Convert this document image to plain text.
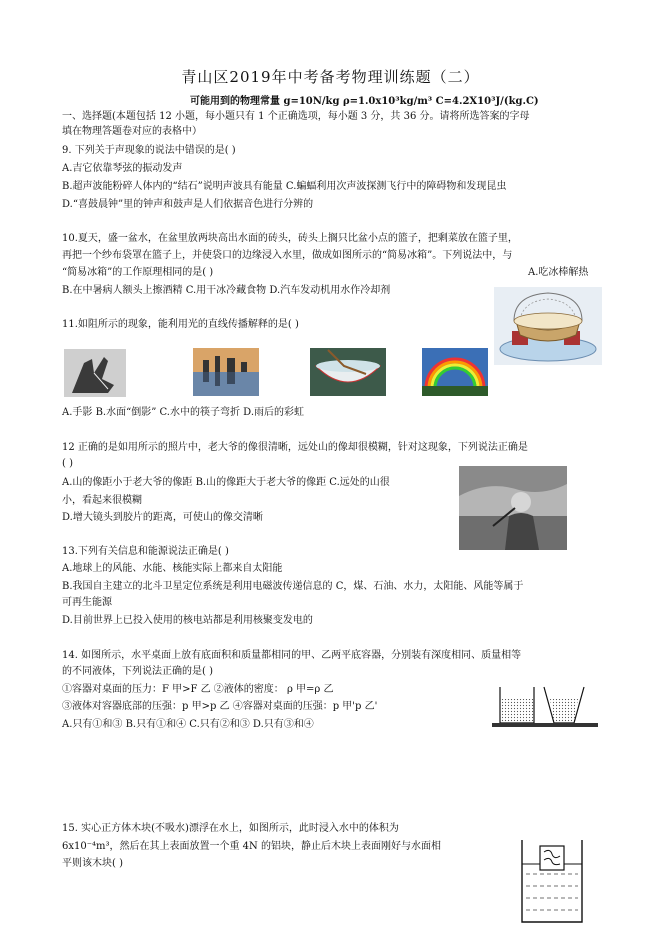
青山区2019年中考备考物理训练题（二）
可能用到的物理常量 g=10N/kg ρ=1.0x10³kg/m³ C=4.2X10³J/(kg.C)
一、选择题(本题包括 12 小题，每小题只有 1 个正确选项，每小题 3 分，共 36 分。请将所选答案的字母
填在物理答题卷对应的表格中）
9. 下列关于声现象的说法中错误的是( )
A.吉它依靠琴弦的振动发声
B.超声波能粉碎人体内的“结石”说明声波具有能量 C.蝙蝠利用次声波探测飞行中的障碍物和发现昆虫
D.“喜鼓晨钟”里的钟声和鼓声是人们依据音色进行分辨的
10.夏天，盛一盆水，在盆里放两块高出水面的砖头，砖头上搁只比盆小点的篮子，把剩菜放在篮子里，
再把一个纱布袋罩在篮子上，并使袋口的边缘浸入水里，做成如图所示的“简易冰箱”。下列说法中，与
“简易冰箱”的工作原理相同的是( )	A.吃冰棒解热
B.在中暑病人额头上擦酒精 C.用干冰冷藏食物 D.汽车发动机用水作冷却剂
11.如阻所示的现象，能利用光的直线传播解释的是( )
A.手影 B.水面“倒影” C.水中的筷子弯折 D.雨后的彩虹
12 正确的是如用所示的照片中，老大爷的像很清晰，远处山的像却很模糊，针对这现象，下列说法正确是
( )
A.山的像距小于老大爷的像距 B.山的像距大于老大爷的像距 C.远处的山很
小，看起来很模糊
D.增大镜头到胶片的距离，可使山的像交清晰
13.下列有关信息和能源说法正确是( )
A.地球上的风能、水能、核能实际上都来自太阳能
B.我国自主建立的北斗卫星定位系统是利用电磁波传递信息的 C，煤、石油、水力，太阳能、风能等属于
可再生能源
D.目前世界上已投入使用的核电站都是利用核聚变发电的
14. 如图所示，水平桌面上放有底面积和质量都相同的甲、乙两平底容器，分别装有深度相同、质量相等
的不同液体，下列说法正确的是( )
①容器对桌面的压力：F 甲>F 乙 ②液体的密度： ρ 甲=ρ 乙
③液体对容器底部的压强：p 甲>p 乙 ④容器对桌面的压强：p 甲'p 乙'
A.只有①和③ B.只有①和④ C.只有②和③ D.只有③和④
15. 实心正方体木块(不吸水)漂浮在水上，如图所示，此时浸入水中的体积为
6x10⁻⁴m³，然后在其上表面放置一个重 4N 的铝块，静止后木块上表面刚好与水面相
平则该木块( )
